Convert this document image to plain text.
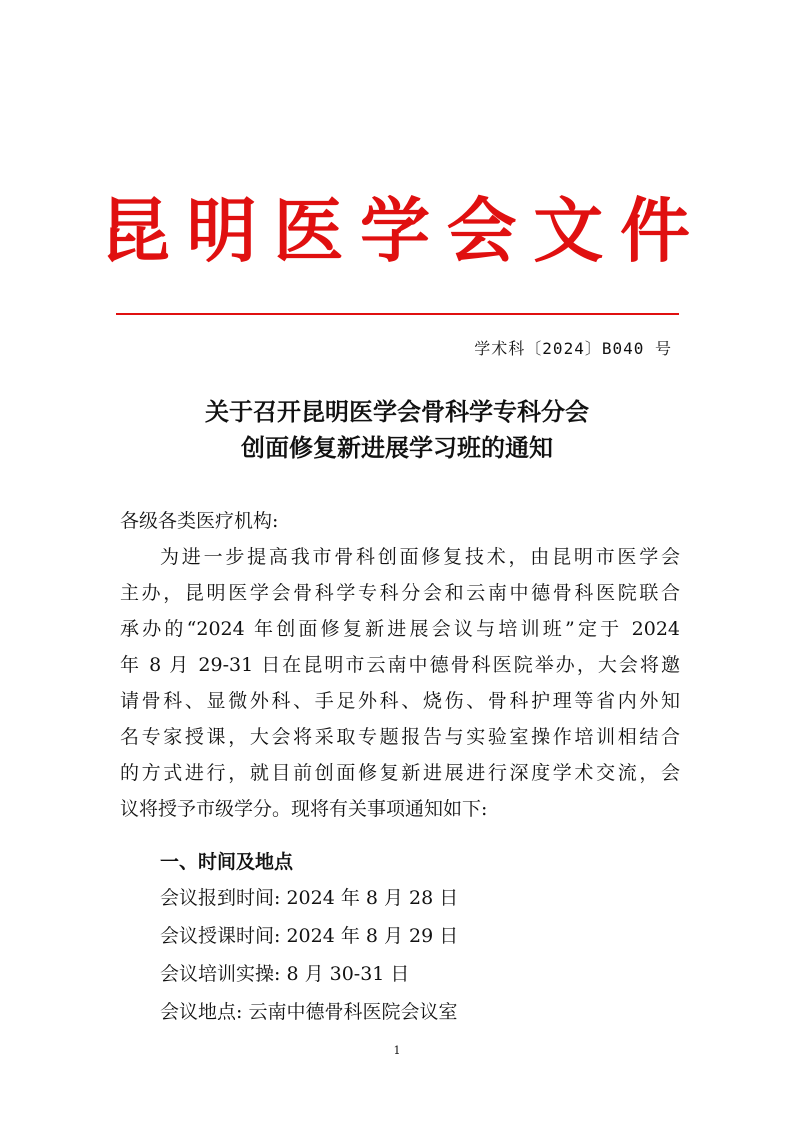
昆 明 医 学 会 文 件
学术科〔2024〕B040 号
关于召开昆明医学会骨科学专科分会
创面修复新进展学习班的通知
各级各类医疗机构:
为进一步提高我市骨科创面修复技术，由昆明市医学会
主办，昆明医学会骨科学专科分会和云南中德骨科医院联合
承办的“2024 年创面修复新进展会议与培训班”定于 2024
年 8 月 29-31 日在昆明市云南中德骨科医院举办，大会将邀
请骨科、显微外科、手足外科、烧伤、骨科护理等省内外知
名专家授课，大会将采取专题报告与实验室操作培训相结合
的方式进行，就目前创面修复新进展进行深度学术交流，会
议将授予市级学分。现将有关事项通知如下:
一、时间及地点
会议报到时间: 2024 年 8 月 28 日
会议授课时间: 2024 年 8 月 29 日
会议培训实操: 8 月 30-31 日
会议地点: 云南中德骨科医院会议室
1
